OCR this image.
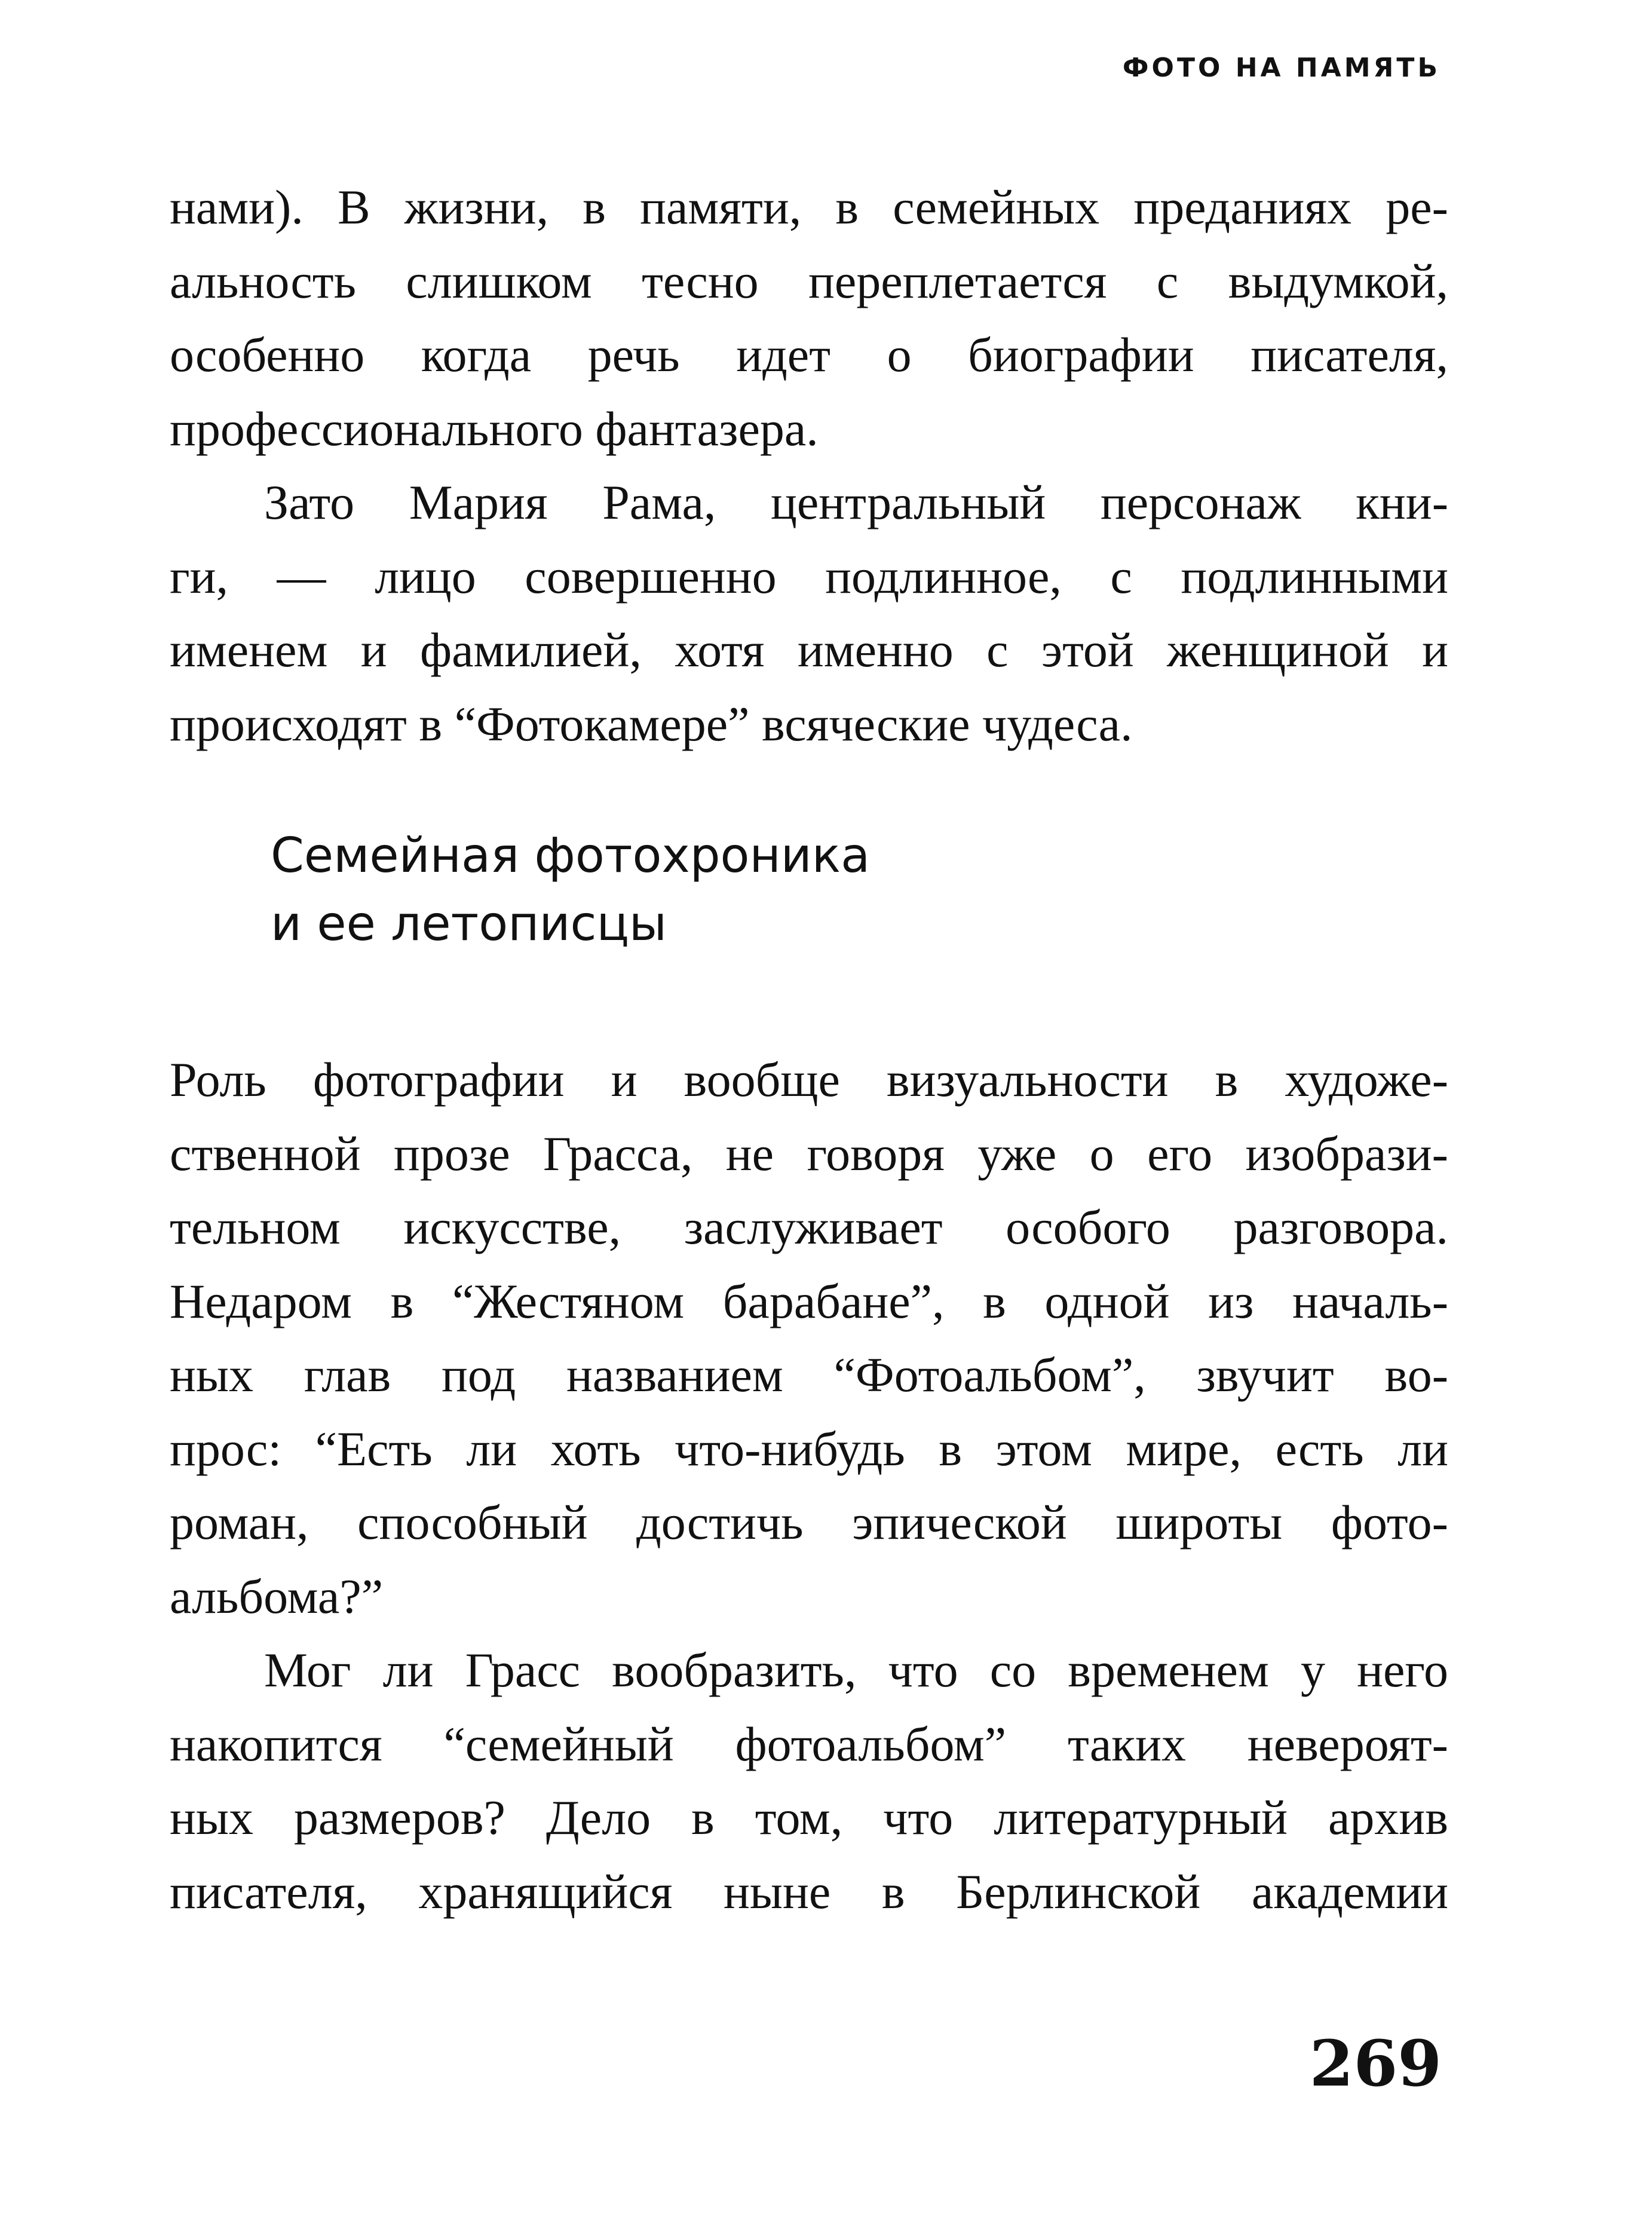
ФОТО НА ПАМЯТЬ
нами). В жизни, в памяти, в семейных преданиях ре-
альность слишком тесно переплетается с выдумкой,
особенно когда речь идет о биографии писателя,
профессионального фантазера.
Зато Мария Рама, центральный персонаж кни-
ги, — лицо совершенно подлинное, с подлинными
именем и фамилией, хотя именно с этой женщиной и
происходят в “Фотокамере” всяческие чудеса.
Семейная фотохроника
и ее летописцы
Роль фотографии и вообще визуальности в художе-
ственной прозе Грасса, не говоря уже о его изобрази-
тельном искусстве, заслуживает особого разговора.
Недаром в “Жестяном барабане”, в одной из началь-
ных глав под названием “Фотоальбом”, звучит во-
прос: “Есть ли хоть что-нибудь в этом мире, есть ли
роман, способный достичь эпической широты фото-
альбома?”
Мог ли Грасс вообразить, что со временем у него
накопится “семейный фотоальбом” таких невероят-
ных размеров? Дело в том, что литературный архив
писателя, хранящийся ныне в Берлинской академии
269
